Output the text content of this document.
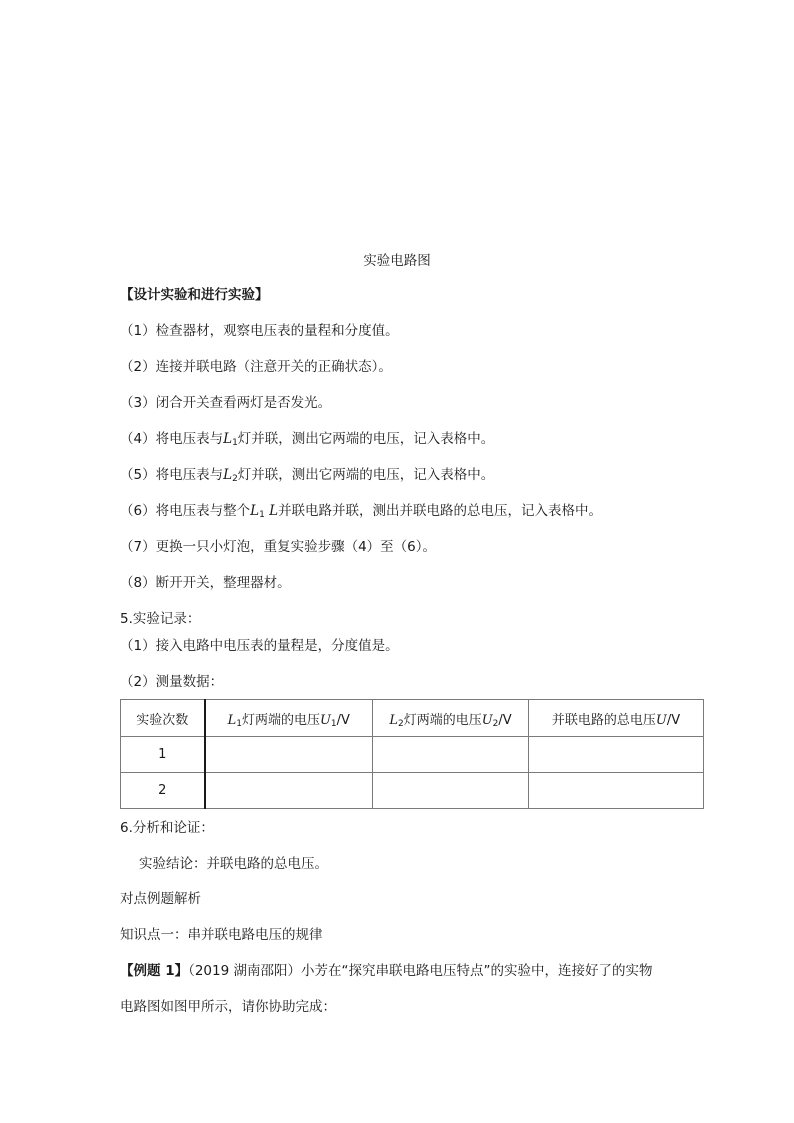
实验电路图
【设计实验和进行实验】
（1）检查器材，观察电压表的量程和分度值。
（2）连接并联电路（注意开关的正确状态）。
（3）闭合开关查看两灯是否发光。
（4）将电压表与$L_1$灯并联，测出它两端的电压，记入表格中。
（5）将电压表与$L_2$灯并联，测出它两端的电压，记入表格中。
（6）将电压表与整个$L_1$ L并联电路并联，测出并联电路的总电压，记入表格中。
（7）更换一只小灯泡，重复实验步骤（4）至（6）。
（8）断开开关，整理器材。
5.实验记录：
（1）接入电路中电压表的量程是，分度值是。
（2）测量数据：
实验次数	$L_1$灯两端的电压$U_1/V$	$L_2$灯两端的电压$U_2/V$	并联电路的总电压U/V
1			
2			
6.分析和论证：
实验结论：并联电路的总电压。
对点例题解析
知识点一：串并联电路电压的规律
【例题 1】（2019 湖南邵阳）小芳在“探究串联电路电压特点”的实验中，连接好了的实物
电路图如图甲所示，请你协助完成：
